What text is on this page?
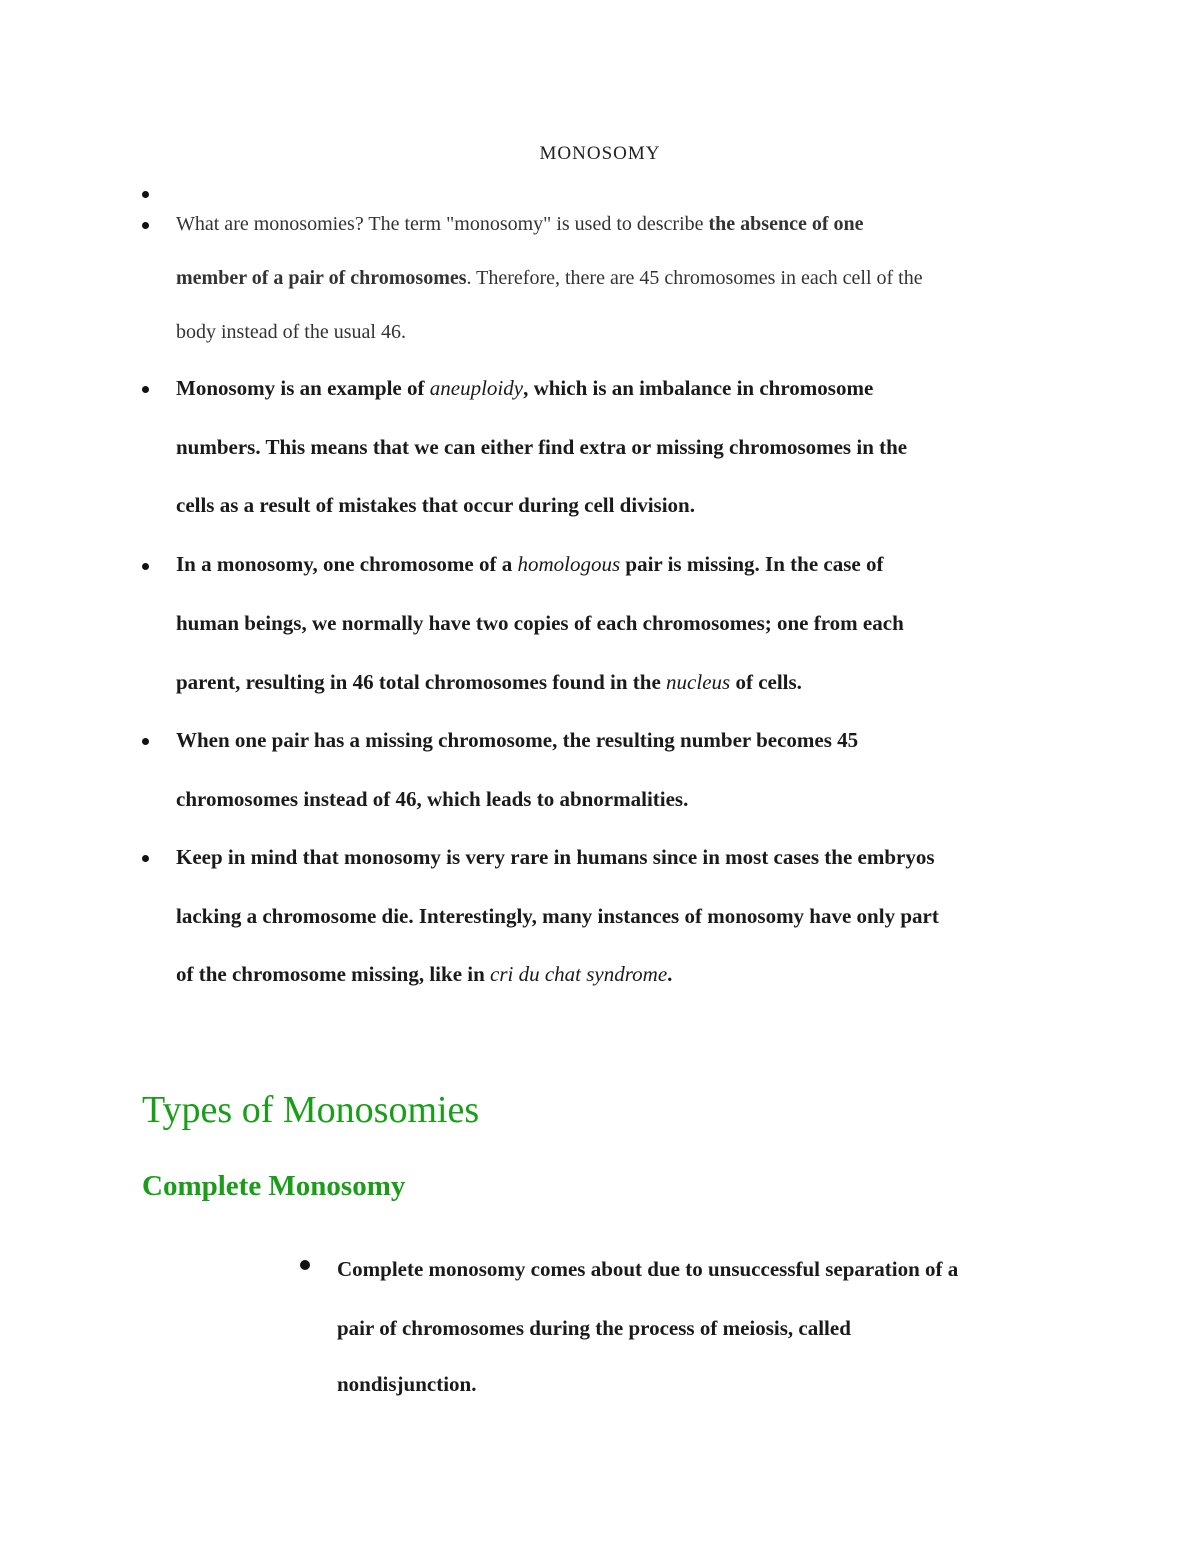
MONOSOMY
What are monosomies? The term "monosomy" is used to describe the absence of one
member of a pair of chromosomes. Therefore, there are 45 chromosomes in each cell of the
body instead of the usual 46.
Monosomy is an example of aneuploidy, which is an imbalance in chromosome
numbers. This means that we can either find extra or missing chromosomes in the
cells as a result of mistakes that occur during cell division.
In a monosomy, one chromosome of a homologous pair is missing. In the case of
human beings, we normally have two copies of each chromosomes; one from each
parent, resulting in 46 total chromosomes found in the nucleus of cells.
When one pair has a missing chromosome, the resulting number becomes 45
chromosomes instead of 46, which leads to abnormalities.
Keep in mind that monosomy is very rare in humans since in most cases the embryos
lacking a chromosome die. Interestingly, many instances of monosomy have only part
of the chromosome missing, like in cri du chat syndrome.
Types of Monosomies
Complete Monosomy
Complete monosomy comes about due to unsuccessful separation of a
pair of chromosomes during the process of meiosis, called
nondisjunction.
